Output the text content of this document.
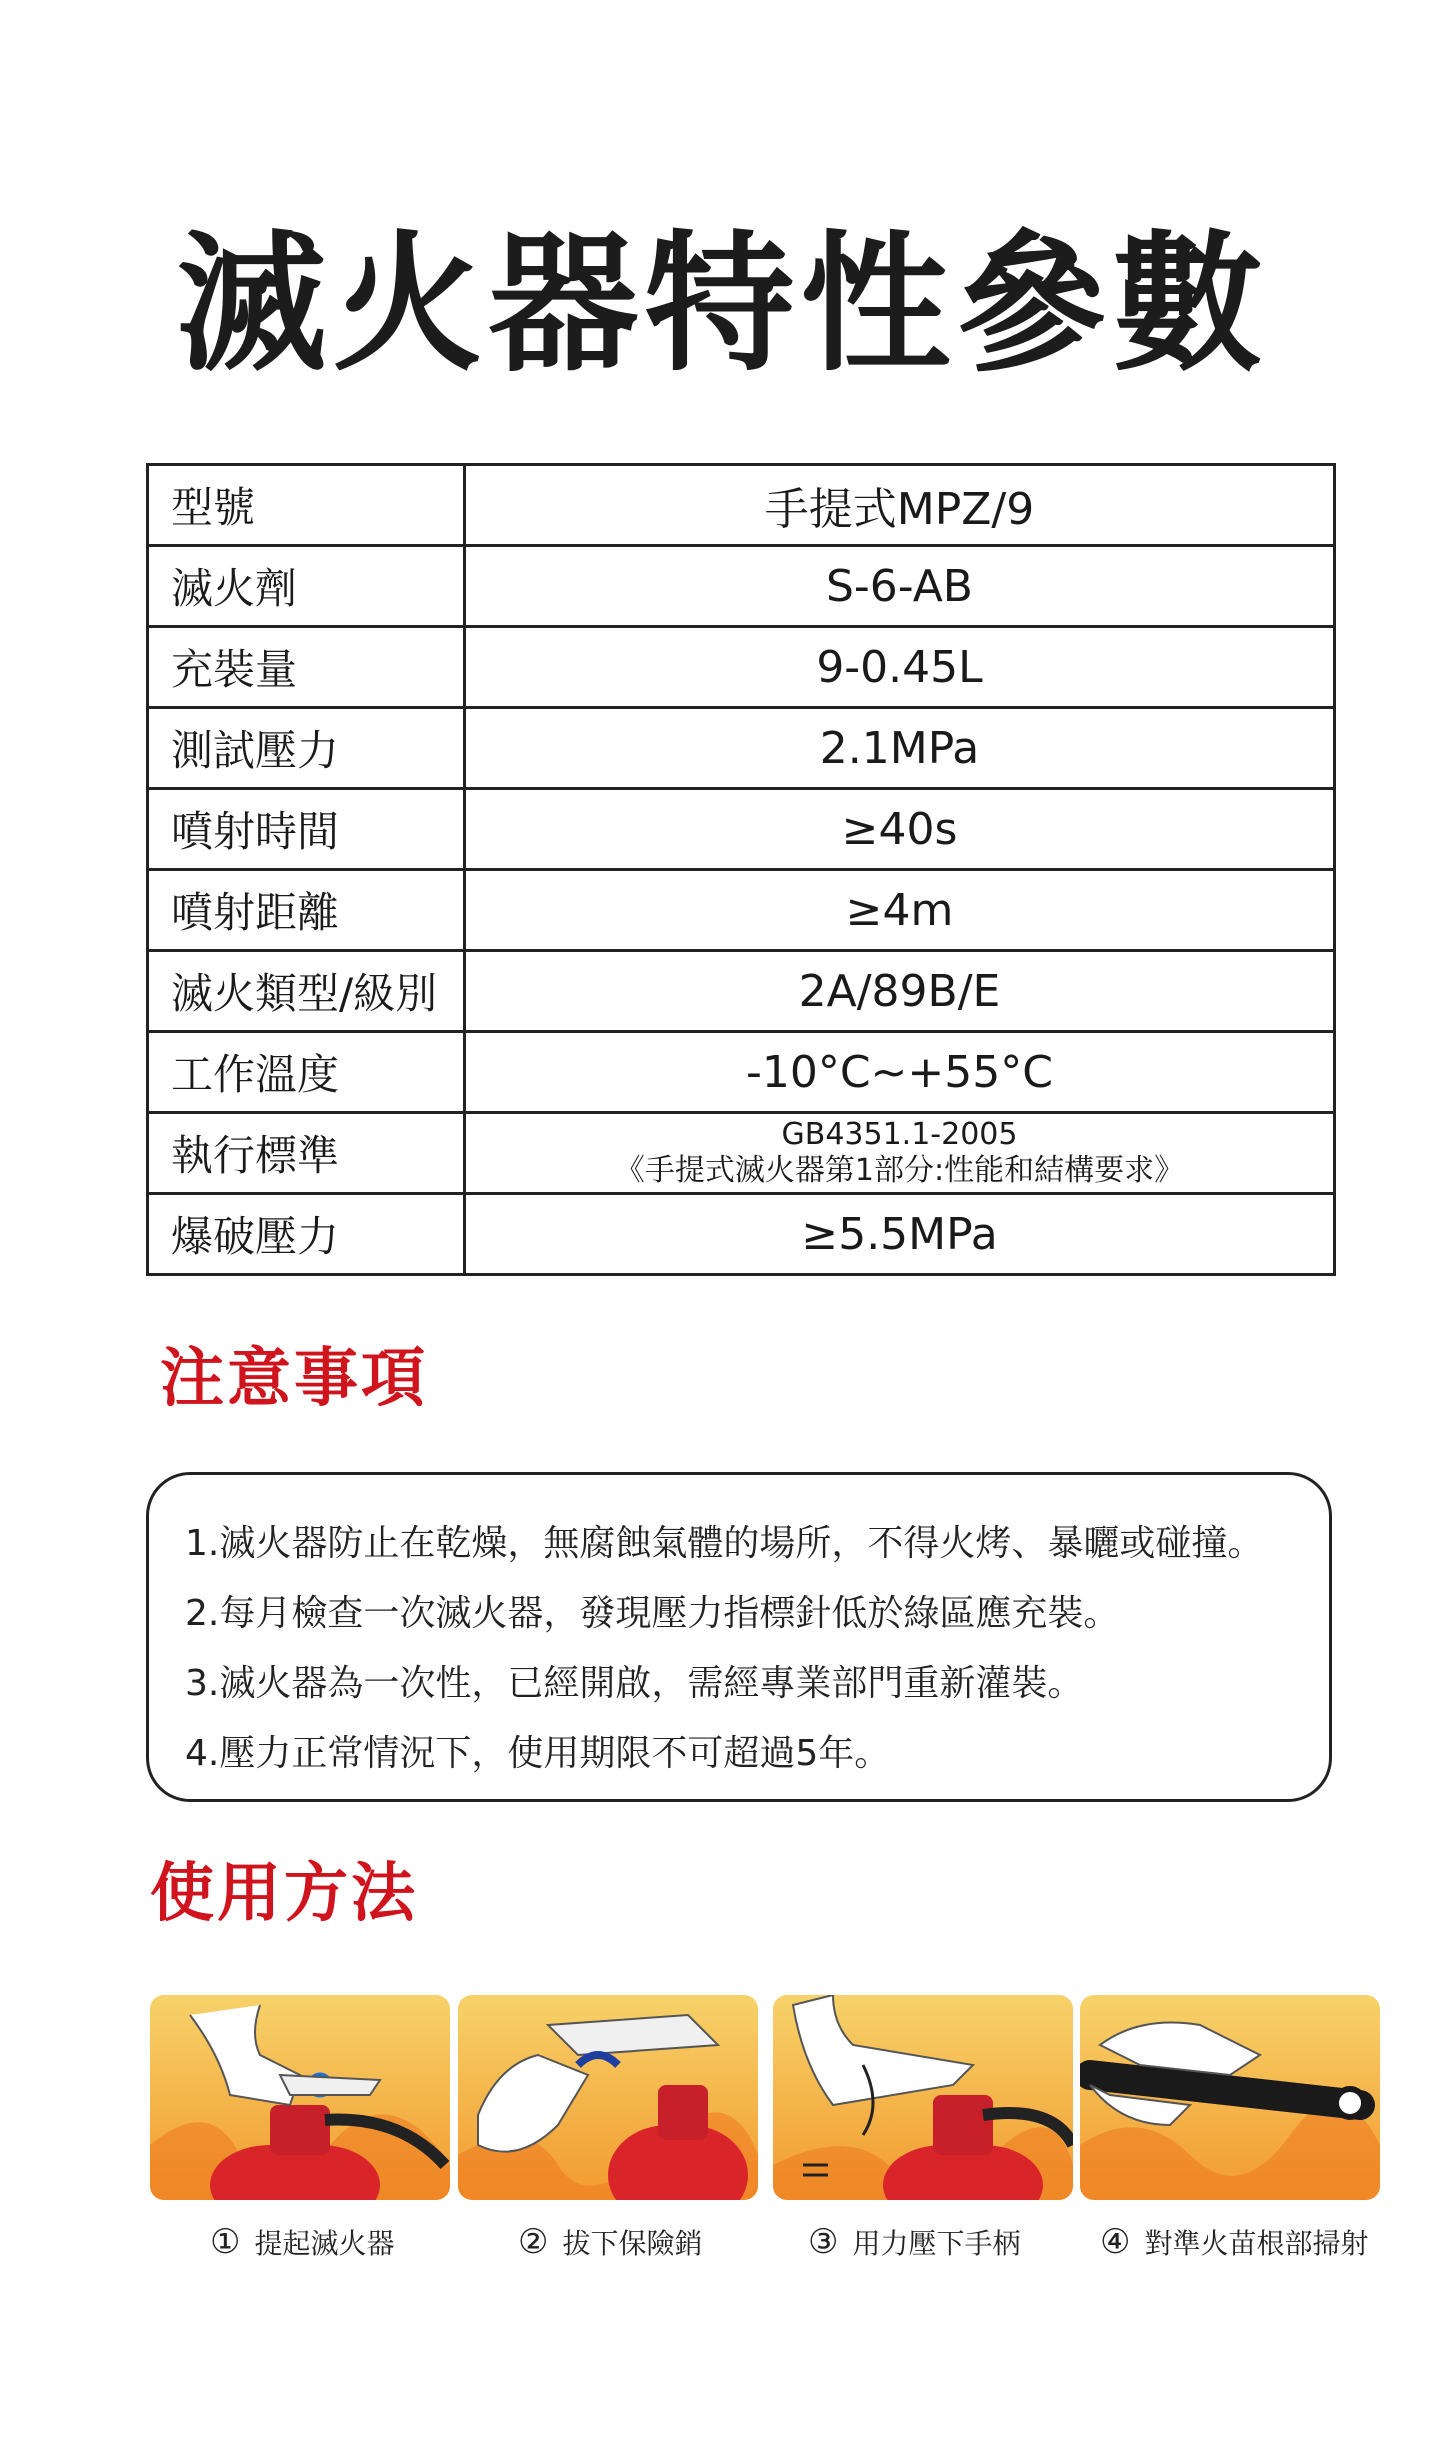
滅火器特性參數
型號	手提式MPZ/9
滅火劑	S-6-AB
充裝量	9-0.45L
測試壓力	2.1MPa
噴射時間	≥40s
噴射距離	≥4m
滅火類型/級別	2A/89B/E
工作溫度	-10°C~+55°C
執行標準	GB4351.1-2005
《手提式滅火器第1部分:性能和結構要求》

爆破壓力	≥5.5MPa
注意事項
1.滅火器防止在乾燥，無腐蝕氣體的場所，不得火烤、暴曬或碰撞。
2.每月檢查一次滅火器，發現壓力指標針低於綠區應充裝。
3.滅火器為一次性，已經開啟，需經專業部門重新灌裝。
4.壓力正常情況下，使用期限不可超過5年。
使用方法
① 提起滅火器	② 拔下保險銷	③ 用力壓下手柄 ④ 對準火苗根部掃射
